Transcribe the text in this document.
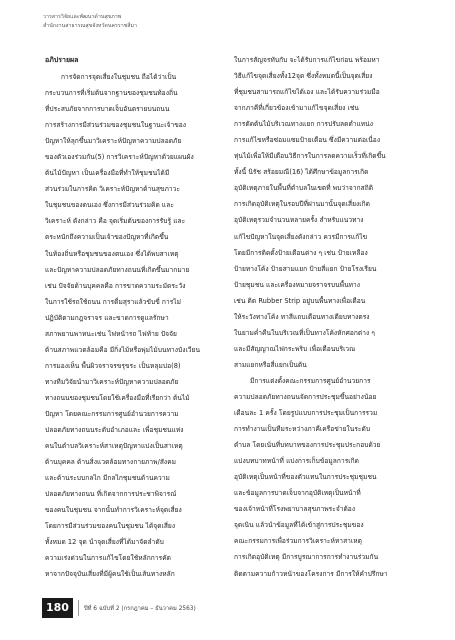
วารสารวิจัยและพัฒนาด้านสุขภาพ
สำนักงานสาธารณสุขจังหวัดนครราชสีมา
อภิปรายผล
การจัดการจุดเสี่ยงในชุมชน ถือได้ว่าเป็น
กระบวนการที่เริ่มต้นจากฐานของชุมชนท้องถิ่น
ที่ประสบภัยจากการบาดเจ็บอันตรายบนถนน
การสร้างการมีส่วนร่วมของชุมชนในฐานะเจ้าของ
ปัญหาให้ลุกขึ้นมาวิเคราะห์ปัญหาความปลอดภัย
ของตัวเองร่วมกัน(5) การวิเคราะห์ปัญหาด้วยแผนผัง
ต้นไม้ปัญหา เป็นเครื่องมือที่ทำให้ชุมชนได้มี
ส่วนร่วมในการคิด วิเคราะห์ปัญหาด้านสุขภาวะ
ในชุมชนของตนเอง ซึ่งการมีส่วนร่วมคิด และ
วิเคราะห์ ดังกล่าว คือ จุดเริ่มต้นของการรับรู้ และ
ตระหนักถึงความเป็นเจ้าของปัญหาที่เกิดขึ้น
ในท้องถิ่นหรือชุมชนของตนเอง ซึ่งได้พบสาเหตุ
และปัญหาความปลอดภัยทางถนนที่เกิดขึ้นมากมาย
เช่น ปัจจัยด้านบุคคลคือ การขาดความระมัดระวัง
ในการใช้รถใช้ถนน การดื่มสุราแล้วขับขี่ การไม่
ปฏิบัติตามกฎจราจร และขาดการดูแลรักษา
สภาพยานพาหนะเช่น ไฟหน้ารถ ไฟท้าย ปัจจัย
ด้านสภาพแวดล้อมคือ มีกิ่งไม้หรือพุ่มไม้บนทางบังเวียน
การมองเห็น พื้นผิวจราจรขรุขระ เป็นหลุมบ่อ(8)
ทางทีมวิจัยนำมาวิเคราะห์ปัญหาความปลอดภัย
ทางถนนของชุมชนโดยใช้เครื่องมือที่เรียกว่า ต้นไม้
ปัญหา โดยคณะกรรมการศูนย์อำนวยการความ
ปลอดภัยทางถนนระดับอำเภอและ เพื่อชุมชนแห่ง
คนในตำบลวิเคราะห์สาเหตุปัญหาแบ่งเป็นสาเหตุ
ด้านบุคคล ด้านสิ่งแวดล้อมทางกายภาพ/สังคม
และด้านระบบกลไก มีกลไกชุมชนด้านความ
ปลอดภัยทางถนน ที่เกิดจากการประชาพิจารณ์
ของคนในชุมชน จากนั้นทำการวิเคราะห์จุดเสี่ยง
โดยการมีส่วนร่วมของคนในชุมชน ได้จุดเสี่ยง
ทั้งหมด 12 จุด นำจุดเสี่ยงที่ได้มาจัดลำดับ
ความเร่งด่วนในการแก้ไขโดยใช้หลักการคัด
หาจากปัจจุบันเสี่ยงที่มีผู้คนใช้เป็นเส้นทางหลัก
ในการสัญจรทับกับ จะได้รับการแก้ไขก่อน พร้อมหา
วิธีแก้ไขจุดเสี่ยงทั้ง12จุด ซึ่งทั้งหมดนี้เป็นจุดเสี่ยง
ที่ชุมชนสามารถแก้ไขได้เอง และได้รับความร่วมมือ
จากภาคีที่เกี่ยวข้องเข้ามาแก้ไขจุดเสี่ยง เช่น
การตัดต้นไม้บริเวณทางแยก การปรับลดตำแหน่ง
การแก้ไขหรือซ่อมแซมป้ายเตือน ซึ่งมีความต่อเนื่อง
หุ่นไม้เพื่อให้มีเตือนวิธีการในการลดความเร็วที่เกิดขึ้น
ทั้งนี้ นิรัช สร้อยมณี(16) ได้ศึกษาข้อมูลการเกิด
อุบัติเหตุภายในพื้นที่ตำบลในเขตที่ พบว่าจากสถิติ
การเกิดอุบัติเหตุในรอบปีที่ผ่านมานั้นจุดเสี่ยงเกิด
อุบัติเหตุรวมจำนวนหลายครั้ง สำหรับแนวทาง
แก้ไขปัญหาในจุดเสี่ยงดังกล่าว ควรมีการแก้ไข
โดยมีการติดตั้งป้ายเตือนต่าง ๆ เช่น ป้ายเหลือง
ป้ายทางโค้ง ป้ายสามแยก ป้ายสี่แยก ป้ายโรงเรียน
ป้ายชุมชน และเครื่องหมายจราจรบนพื้นทาง
เช่น ติด Rubber Strip อยู่บนพื้นทางเพื่อเตือน
ให้ระวังทางโค้ง ทาสีแถบเตือนทางเตียบทางตรง
ในยามค่ำคืนในบริเวณที่เป็นทางโค้งหักศอกต่าง ๆ
และมีสัญญาณไฟกระพริบ เพื่อเตือนบริเวณ
สามแยกหรือสี่แยกเป็นต้น
มีการแต่งตั้งคณะกรรมการศูนย์อำนวยการ
ความปลอดภัยทางถนนจัดการประชุมขึ้นอย่างน้อย
เดือนละ 1 ครั้ง โดยรูปแบบการประชุมเป็นการรวม
การทำงานเป็นทีมระหว่างภาคีเครือข่ายในระดับ
ตำบล โดยเน้นที่บทบาทของการประชุมประกอบด้วย
แบ่งบทบาทหน้าที่ แบ่งการเก็บข้อมูลการเกิด
อุบัติเหตุเป็นหน้าที่ของตัวแทนในการประชุมชุมชน
และข้อมูลการบาดเจ็บจากอุบัติเหตุเป็นหน้าที่
ของเจ้าหน้าที่โรงพยาบาลสุขภาพระจำต้อง
จุดเนิน แล้วนำข้อมูลที่ได้เข้าสู่การประชุมของ
คณะกรรมการเพื่อร่วมการวิเคราะห์หาสาเหตุ
การเกิดอุบัติเหตุ มีการบูรณาการการทำงานร่วมกัน
ติดตามความก้าวหน้าของโครงการ มีการให้คำปรึกษา
180	ปีที่ 6 ฉบับที่ 2 (กรกฎาคม – ธันวาคม 2563)
